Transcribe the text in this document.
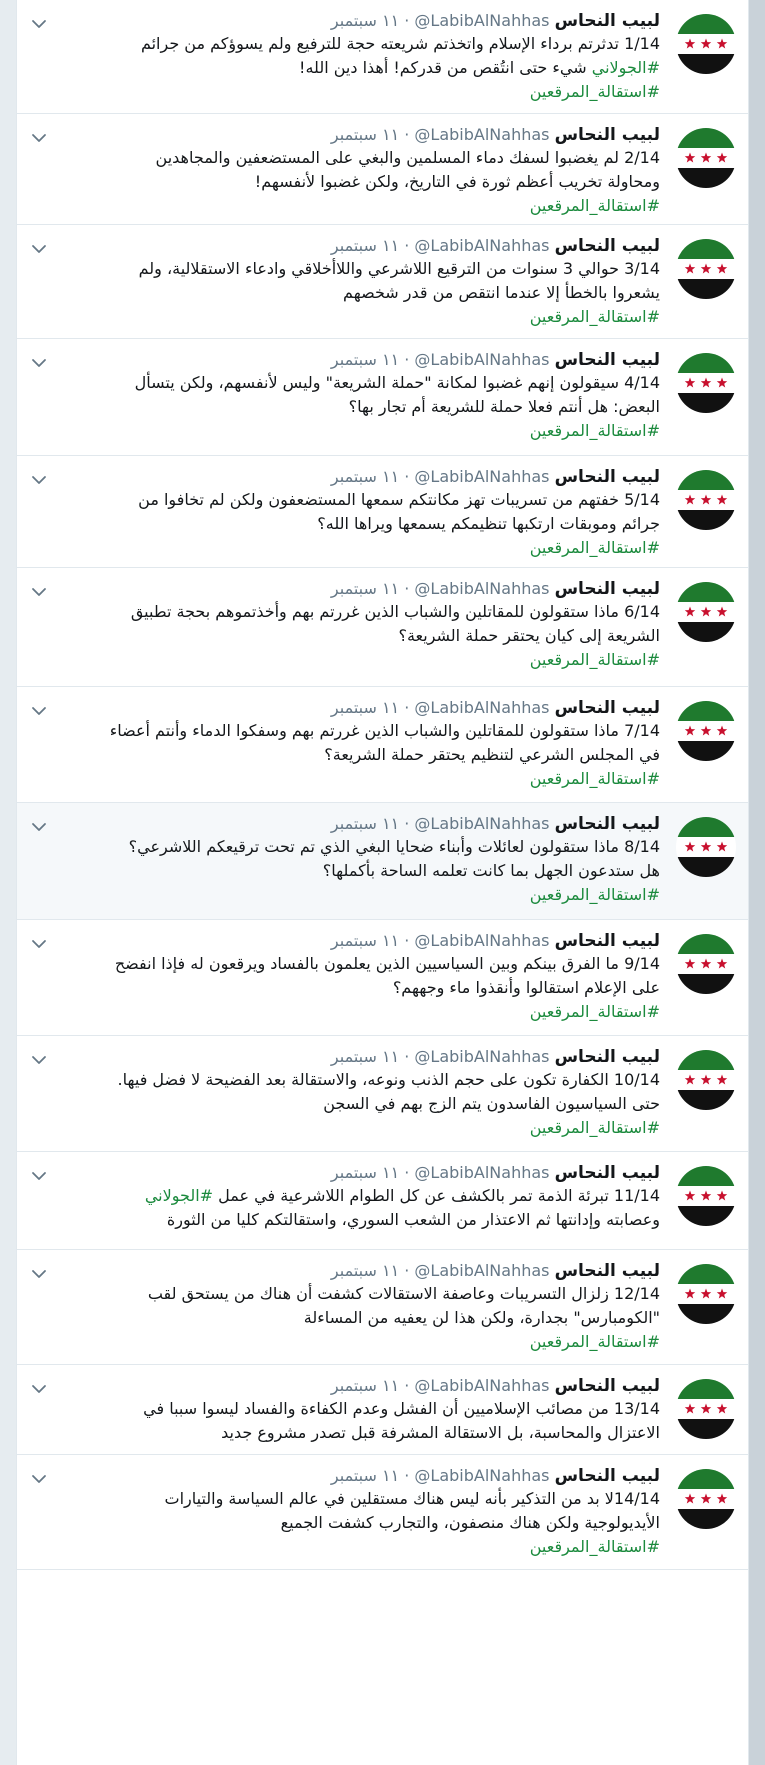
لبيب النحاس @LabibAlNahhas · ١١ سبتمبر
1/14 تدثرتم برداء الإسلام واتخذتم شريعته حجة للترفيع ولم يسوؤكم من جرائم
#الجولاني شيء حتى انتُقص من قدركم! أهذا دين الله!
#استقالة_المرقعين
لبيب النحاس @LabibAlNahhas · ١١ سبتمبر
2/14 لم يغضبوا لسفك دماء المسلمين والبغي على المستضعفين والمجاهدين
ومحاولة تخريب أعظم ثورة في التاريخ، ولكن غضبوا لأنفسهم!
#استقالة_المرقعين
لبيب النحاس @LabibAlNahhas · ١١ سبتمبر
3/14 حوالي 3 سنوات من الترقيع اللاشرعي واللاأخلاقي وادعاء الاستقلالية، ولم
يشعروا بالخطأ إلا عندما انتقص من قدر شخصهم
#استقالة_المرقعين
لبيب النحاس @LabibAlNahhas · ١١ سبتمبر
4/14 سيقولون إنهم غضبوا لمكانة "حملة الشريعة" وليس لأنفسهم، ولكن يتسأل
البعض: هل أنتم فعلا حملة للشريعة أم تجار بها؟
#استقالة_المرقعين
لبيب النحاس @LabibAlNahhas · ١١ سبتمبر
5/14 خفتهم من تسريبات تهز مكانتكم سمعها المستضعفون ولكن لم تخافوا من
جرائم وموبقات ارتكبها تنظيمكم يسمعها ويراها الله؟
#استقالة_المرقعين
لبيب النحاس @LabibAlNahhas · ١١ سبتمبر
6/14 ماذا ستقولون للمقاتلين والشباب الذين غررتم بهم وأخذتموهم بحجة تطبيق
الشريعة إلى كيان يحتقر حملة الشريعة؟
#استقالة_المرقعين
لبيب النحاس @LabibAlNahhas · ١١ سبتمبر
7/14 ماذا ستقولون للمقاتلين والشباب الذين غررتم بهم وسفكوا الدماء وأنتم أعضاء
في المجلس الشرعي لتنظيم يحتقر حملة الشريعة؟
#استقالة_المرقعين
لبيب النحاس @LabibAlNahhas · ١١ سبتمبر
8/14 ماذا ستقولون لعائلات وأبناء ضحايا البغي الذي تم تحت ترقيعكم اللاشرعي؟
هل ستدعون الجهل بما كانت تعلمه الساحة بأكملها؟
#استقالة_المرقعين
لبيب النحاس @LabibAlNahhas · ١١ سبتمبر
9/14 ما الفرق بينكم وبين السياسيين الذين يعلمون بالفساد ويرقعون له فإذا انفضح
على الإعلام استقالوا وأنقذوا ماء وجههم؟
#استقالة_المرقعين
لبيب النحاس @LabibAlNahhas · ١١ سبتمبر
10/14 الكفارة تكون على حجم الذنب ونوعه، والاستقالة بعد الفضيحة لا فضل فيها.
حتى السياسيون الفاسدون يتم الزج بهم في السجن
#استقالة_المرقعين
لبيب النحاس @LabibAlNahhas · ١١ سبتمبر
11/14 تبرئة الذمة تمر بالكشف عن كل الطوام اللاشرعية في عمل #الجولاني
وعصابته وإدانتها ثم الاعتذار من الشعب السوري، واستقالتكم كليا من الثورة
لبيب النحاس @LabibAlNahhas · ١١ سبتمبر
12/14 زلزال التسريبات وعاصفة الاستقالات كشفت أن هناك من يستحق لقب
"الكومبارس" بجدارة، ولكن هذا لن يعفيه من المساءلة
#استقالة_المرقعين
لبيب النحاس @LabibAlNahhas · ١١ سبتمبر
13/14 من مصائب الإسلاميين أن الفشل وعدم الكفاءة والفساد ليسوا سببا في
الاعتزال والمحاسبة، بل الاستقالة المشرفة قبل تصدر مشروع جديد
لبيب النحاس @LabibAlNahhas · ١١ سبتمبر
14/14لا بد من التذكير بأنه ليس هناك مستقلين في عالم السياسة والتيارات
الأيديولوجية ولكن هناك منصفون، والتجارب كشفت الجميع
#استقالة_المرقعين
